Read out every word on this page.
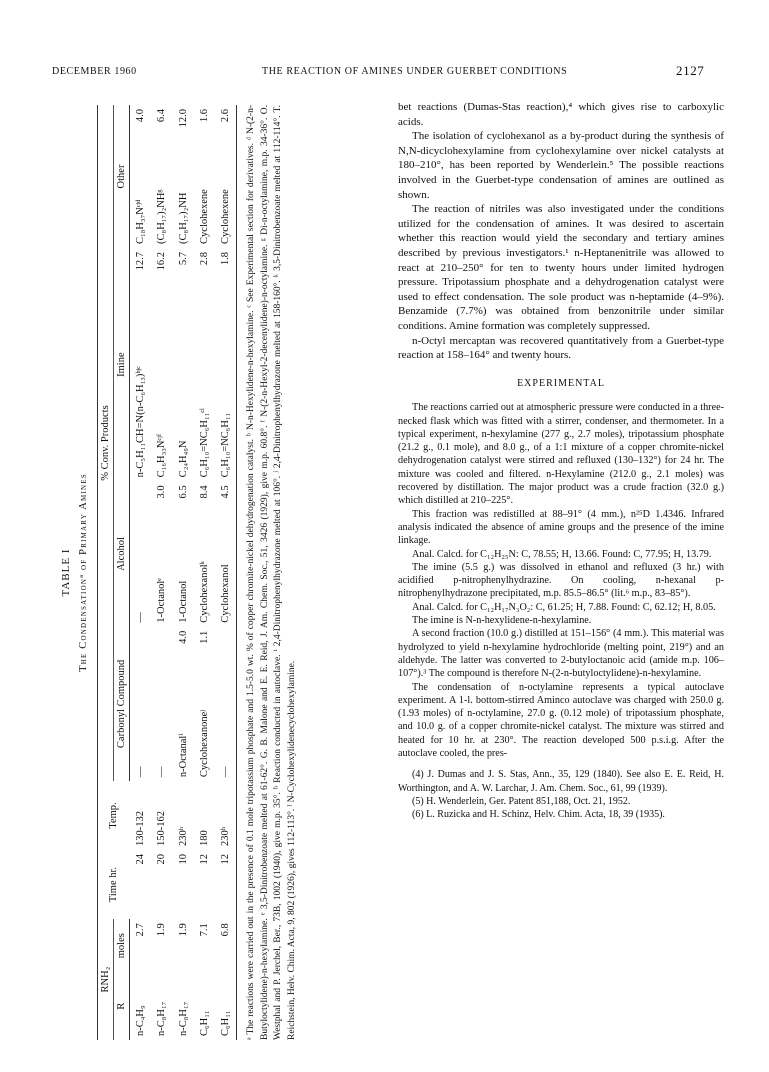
DECEMBER 1960	THE REACTION OF AMINES UNDER GUERBET CONDITIONS	2127
TABLE I The Condensationᵃ of Primary Amines
RNH₂		Time hr.	Temp.	% Conv. Products							
R	moles			Carbonyl Compound		Alcohol		Imine		Other	
n-C₄H₉	2.7	24	130-132	—		—		n-C₅H₁₁CH=N(n-C₆H₁₃)ᵇʲᶜ	12.7	C₁₈H₃₇Nᶜʲᵈ	4.0
n-C₈H₁₇	1.9	20	150-162	—		1-Octanolᵉ	3.0	C₁₆H₃₃Nᶜʲᶠ	16.2	(C₈H₁₇)₂NHᵍ	6.4
n-C₈H₁₇	1.9	10	230ʰ	n-Octanalⁱ	4.0	1-Octanol	6.5	C₂₄H₄₉N	5.7	(C₈H₁₇)₂NH	12.0
C₆H₁₁	7.1	12	180	Cyclohexanoneʲ	1.1	Cyclohexanolᵏ	8.4	C₆H₁₀=NC₆H₁₁ᶜˡ	2.8	Cyclohexene	1.6
C₆H₁₁	6.8	12	230ʰ	—		Cyclohexanol	4.5	C₆H₁₀=NC₆H₁₁	1.8	Cyclohexene	2.6 ᵃ The reactions were carried out in the presence of 0.1 mole tripotassium phosphate and 1.5-5.0 wt. % of copper chromite-nickel dehydrogenation catalyst. ᵇ N-n-Hexylidene-n-hexylamine. ᶜ See Experimental section for derivatives. ᵈ N-(2-n-Butyloctylidene)-n-hexylamine. ᵉ 3,5-Dinitrobenzoate melted at 61-62°. G. B. Malone and E. E. Reid, J. Am. Chem. Soc., 51, 3426 (1929), give m.p. 60.8°. ᶠ N-(2-n-Hexyl-2-decenylidene)-n-octylamine. ᵍ Di-n-octylamine, m.p. 34-36°. O. Westphal and P. Jerchel, Ber., 73B, 1002 (1940), give m.p. 35°. ʰ Reaction conducted in autoclave. ⁱ 2,4-Dinitrophenylhydrazone melted at 106°. ʲ 2,4-Dinitrophenylhydrazone melted at 158-160°. ᵏ 3,5-Dinitrobenzoate melted at 112-114°. T. Reichstein, Helv. Chim. Acta, 9, 802 (1926), gives 112-113°. ˡ N-Cyclohexylidenecyclohexylamine.

bet reactions (Dumas-Stas reaction),⁴ which gives rise to carboxylic acids.

The isolation of cyclohexanol as a by-product during the synthesis of N,N-dicyclohexylamine from cyclohexylamine over nickel catalysts at 180–210°, has been reported by Wenderlein.⁵ The possible reactions involved in the Guerbet-type condensation of amines are outlined as shown.

The reaction of nitriles was also investigated under the conditions utilized for the condensation of amines. It was desired to ascertain whether this reaction would yield the secondary and tertiary amines described by previous investigators.¹ n-Heptanenitrile was allowed to react at 210–250° for ten to twenty hours under limited hydrogen pressure. Tripotassium phosphate and a dehydrogenation catalyst were used to effect condensation. The sole product was n-heptamide (4–9%). Benzamide (7.7%) was obtained from benzonitrile under similar conditions. Amine formation was completely suppressed.

n-Octyl mercaptan was recovered quantitatively from a Guerbet-type reaction at 158–164° and twenty hours.

EXPERIMENTAL

The reactions carried out at atmospheric pressure were conducted in a three-necked flask which was fitted with a stirrer, condenser, and thermometer. In a typical experiment, n-hexylamine (277 g., 2.7 moles), tripotassium phosphate (21.2 g., 0.1 mole), and 8.0 g., of a 1:1 mixture of a copper chromite-nickel dehydrogenation catalyst were stirred and refluxed (130–132°) for 24 hr. The mixture was cooled and filtered. n-Hexylamine (212.0 g., 2.1 moles) was recovered by distillation. The major product was a crude fraction (32.0 g.) which distilled at 210–225°.

This fraction was redistilled at 88–91° (4 mm.), n²⁵D 1.4346. Infrared analysis indicated the absence of amine groups and the presence of the imine linkage.

Anal. Calcd. for C₁₂H₂₅N: C, 78.55; H, 13.66. Found: C, 77.95; H, 13.79.

The imine (5.5 g.) was dissolved in ethanol and refluxed (3 hr.) with acidified p-nitrophenylhydrazine. On cooling, n-hexanal p-nitrophenylhydrazone precipitated, m.p. 85.5–86.5° (lit.⁶ m.p., 83–85°).

Anal. Calcd. for C₁₂H₁₇N₃O₂: C, 61.25; H, 7.88. Found: C, 62.12; H, 8.05.

The imine is N-n-hexylidene-n-hexylamine.

A second fraction (10.0 g.) distilled at 151–156° (4 mm.). This material was hydrolyzed to yield n-hexylamine hydrochloride (melting point, 219°) and an aldehyde. The latter was converted to 2-butyloctanoic acid (amide m.p. 106–107°).³ The compound is therefore N-(2-n-butyloctylidene)-n-hexylamine.

The condensation of n-octylamine represents a typical autoclave experiment. A 1-l. bottom-stirred Aminco autoclave was charged with 250.0 g. (1.93 moles) of n-octylamine, 27.0 g. (0.12 mole) of tripotassium phosphate, and 10.0 g. of a copper chromite-nickel catalyst. The mixture was stirred and heated for 10 hr. at 230°. The reaction developed 500 p.s.i.g. After the autoclave cooled, the pres-

(4) J. Dumas and J. S. Stas, Ann., 35, 129 (1840). See also E. E. Reid, H. Worthington, and A. W. Larchar, J. Am. Chem. Soc., 61, 99 (1939).

(5) H. Wenderlein, Ger. Patent 851,188, Oct. 21, 1952.

(6) L. Ruzicka and H. Schinz, Helv. Chim. Acta, 18, 39 (1935).
